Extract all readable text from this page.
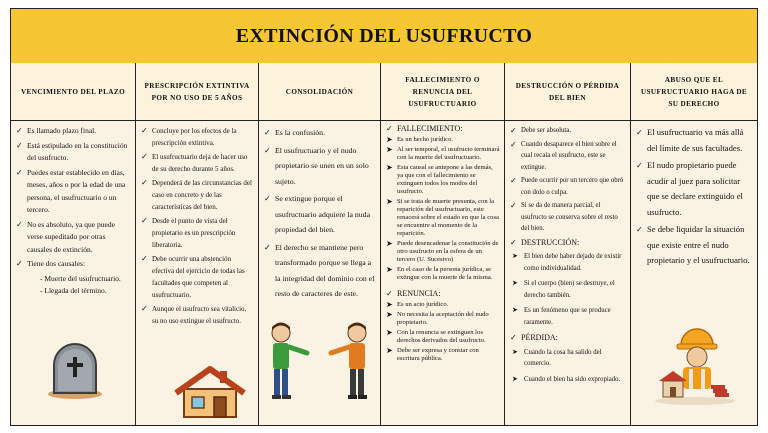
EXTINCIÓN DEL USUFRUCTO
VENCIMIENTO DEL PLAZO
✓ Es llamado plazo final.
✓ Está estipulado en la constitución del usufructo.
✓ Puedes estar establecido en días, meses, años o por la edad de una persona, el usufructuario o un tercero.
✓ No es absoluto, ya que puede verse supeditado por otras causales de extinción.
✓ Tiene dos causales:
- Muerte del usufructuario.
- Llegada del término.
PRESCRIPCIÓN EXTINTIVA POR NO USO DE 5 AÑOS
✓ Concluye por los efectos de la prescripción extintiva.
✓ El usufructuario deja de hacer uso de su derecho durante 5 años.
✓ Dependerá de las circunstancias del caso en concreto y de las características del bien.
✓ Desde el punto de vista del propietario es un prescripción liberatoria.
✓ Debe ocurrir una abstención efectiva del ejercicio de todas las facultades que competen al usufructuario.
✓ Aunque el usufructo sea vitalicio, su no uso extingue el usufructo.
CONSOLIDACIÓN
✓ Es la confusión.
✓ El usufructuario y el nudo propietario se unen en un solo sujeto.
✓ Se extingue porque el usufructuario adquiere la nuda propiedad del bien.
✓ El derecho se mantiene pero transformado porque se llega a la integridad del dominio con el resto de caracteres de este.
FALLECIMIENTO O RENUNCIA DEL USUFRUCTUARIO
✓ FALLECIMIENTO:
➤ Es un hecho jurídico.
➤ Al ser temporal, el usufructo terminará con la muerte del usufructuario.
➤ Esta causal se antepone a las demás, ya que con el fallecimiento se extinguen todos los modos del usufructo.
➤ Si se trata de muerte presunta, con la reparición del usufructuario, este renacerá sobre el estado en que la cosa se encuentre al momento de la reparición.
➤ Puede desencadenar la constitución de otro usufructo en la esfera de un tercero (U. Sucesivo)
➤ En el caso de la persona jurídica, se extingue con la muerte de la misma.
✓ RENUNCIA:
➤ Es un acto jurídico.
➤ No necesita la aceptación del nudo propietario.
➤ Con la renuncia se extinguen los derechos derivados del usufructo.
➤ Debe ser expresa y constar con escritura pública.
DESTRUCCIÓN O PÉRDIDA DEL BIEN
✓ Debe ser absoluta.
✓ Cuando desaparece el bien sobre el cual recaía el usufructo, este se extingue.
✓ Puede ocurrir por un tercero que obró con dolo o culpa.
✓ Si se da de manera parcial, el usufructo se conserva sobre el resto del bien.
✓ DESTRUCCIÓN:
➤ El bien debe haber dejado de existir como individualidad.
➤ Si el cuerpo (bien) se destruye, el derecho también.
➤ Es un fenómeno que se produce raramente.
✓ PÉRDIDA:
➤ Cuando la cosa ha salido del comercio.
➤ Cuando el bien ha sido expropiado.
ABUSO QUE EL USUFRUCTUARIO HAGA DE SU DERECHO
✓ El usufructuario va más allá del límite de sus facultades.
✓ El nudo propietario puede acudir al juez para solicitar que se declare extinguido el usufructo.
✓ Se debe liquidar la situación que existe entre el nudo propietario y el usufructuario.
